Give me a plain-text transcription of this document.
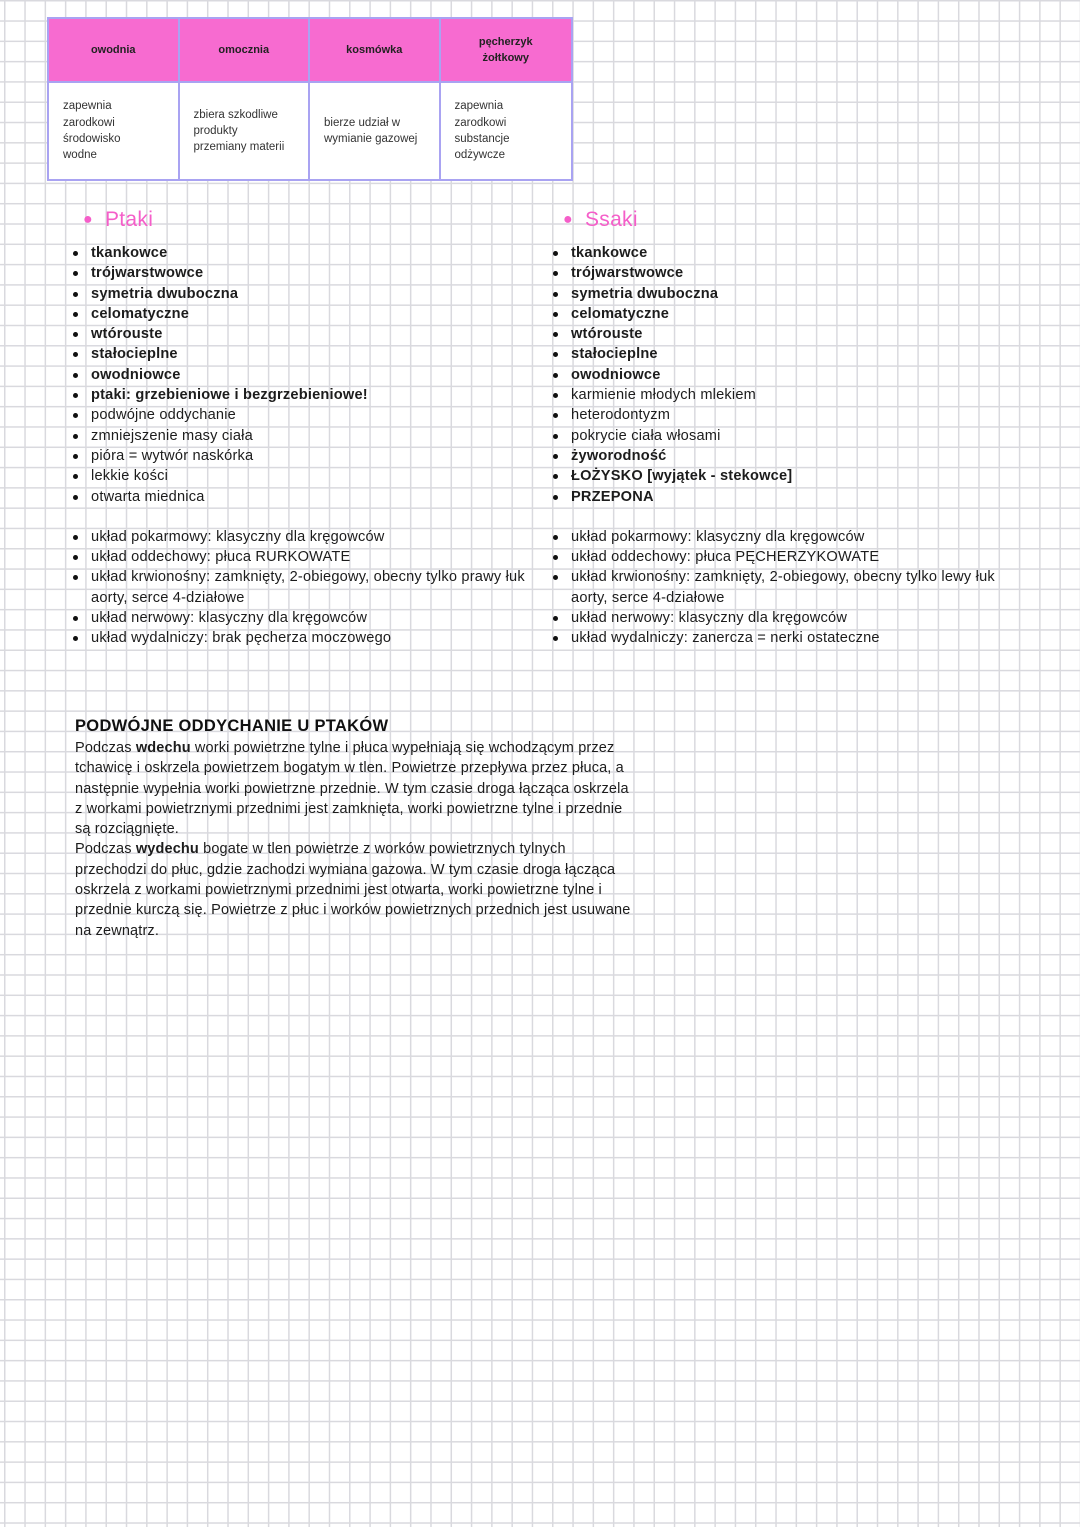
owodnia	omocznia	kosmówka
pęcherzyk żołtkowy
zapewnia zarodkowi środowisko wodne
zbiera szkodliwe produkty przemiany materii
bierze udział w wymianie gazowej
zapewnia zarodkowi substancje odżywcze
● Ptaki
tkankowce
trójwarstwowce
symetria dwuboczna
celomatyczne
wtórouste
stałocieplne
owodniowce
ptaki: grzebieniowe i bezgrzebieniowe!
podwójne oddychanie
zmniejszenie masy ciała
pióra = wytwór naskórka
lekkie kości
otwarta miednica
układ pokarmowy: klasyczny dla kręgowców
układ oddechowy: płuca RURKOWATE
układ krwionośny: zamknięty, 2-obiegowy, obecny tylko prawy łuk aorty, serce 4-działowe
układ nerwowy: klasyczny dla kręgowców
układ wydalniczy: brak pęcherza moczowego
● Ssaki
tkankowce
trójwarstwowce
symetria dwuboczna
celomatyczne
wtórouste
stałocieplne
owodniowce
karmienie młodych mlekiem
heterodontyzm
pokrycie ciała włosami
żyworodność
ŁOŻYSKO [wyjątek - stekowce]
PRZEPONA
układ pokarmowy: klasyczny dla kręgowców
układ oddechowy: płuca PĘCHERZYKOWATE
układ krwionośny: zamknięty, 2-obiegowy, obecny tylko lewy łuk aorty, serce 4-działowe
układ nerwowy: klasyczny dla kręgowców
układ wydalniczy: zanercza = nerki ostateczne
PODWÓJNE ODDYCHANIE U PTAKÓW

Podczas wdechu worki powietrzne tylne i płuca wypełniają się wchodzącym przez tchawicę i oskrzela powietrzem bogatym w tlen. Powietrze przepływa przez płuca, a następnie wypełnia worki powietrzne przednie. W tym czasie droga łącząca oskrzela z workami powietrznymi przednimi jest zamknięta, worki powietrzne tylne i przednie są rozciągnięte.

Podczas wydechu bogate w tlen powietrze z worków powietrznych tylnych przechodzi do płuc, gdzie zachodzi wymiana gazowa. W tym czasie droga łącząca oskrzela z workami powietrznymi przednimi jest otwarta, worki powietrzne tylne i przednie kurczą się. Powietrze z płuc i worków powietrznych przednich jest usuwane na zewnątrz.
